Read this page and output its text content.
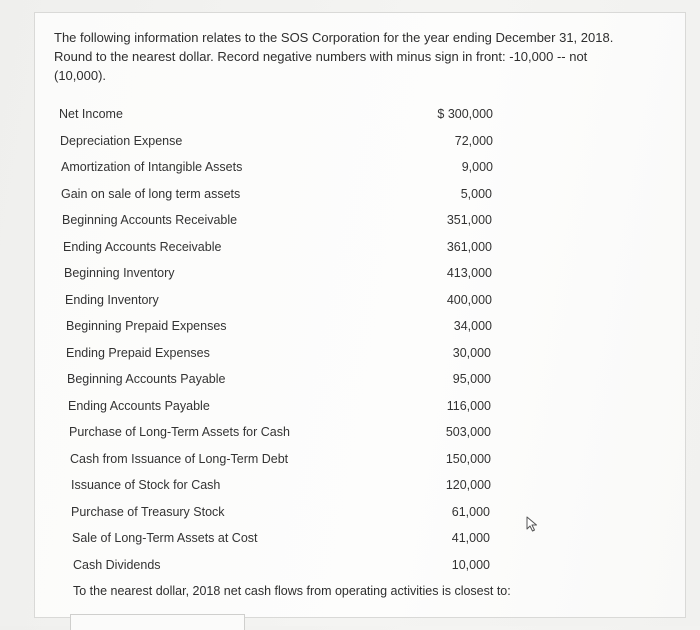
The following information relates to the SOS Corporation for the year ending December 31, 2018.
Round to the nearest dollar. Record negative numbers with minus sign in front: -10,000 -- not
(10,000).

Net Income	$ 300,000
Depreciation Expense	72,000
Amortization of Intangible Assets	9,000
Gain on sale of long term assets	5,000
Beginning Accounts Receivable	351,000
Ending Accounts Receivable	361,000
Beginning Inventory	413,000
Ending Inventory	400,000
Beginning Prepaid Expenses	34,000
Ending Prepaid Expenses	30,000
Beginning Accounts Payable	95,000
Ending Accounts Payable	116,000
Purchase of Long-Term Assets for Cash	503,000
Cash from Issuance of Long-Term Debt	150,000
Issuance of Stock for Cash	120,000
Purchase of Treasury Stock	61,000
Sale of Long-Term Assets at Cost	41,000
Cash Dividends	10,000
To the nearest dollar, 2018 net cash flows from operating activities is closest to:
